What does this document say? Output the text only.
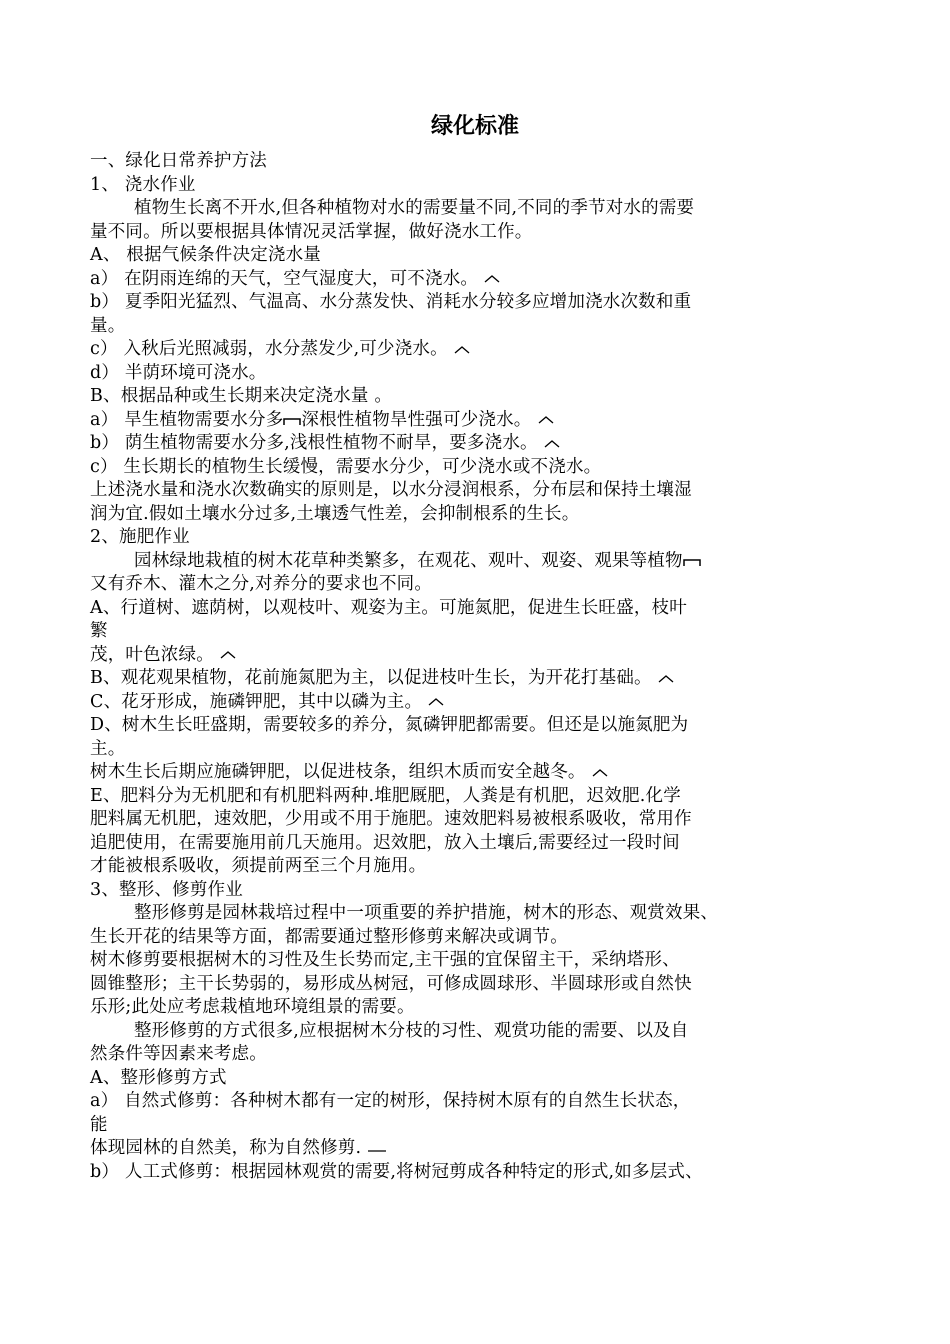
绿化标准
一、绿化日常养护方法
1、 浇水作业
植物生长离不开水,但各种植物对水的需要量不同,不同的季节对水的需要
量不同。所以要根据具体情况灵活掌握，做好浇水工作。
A、 根据气候条件决定浇水量
a） 在阴雨连绵的天气，空气湿度大，可不浇水。
b） 夏季阳光猛烈、气温高、水分蒸发快、消耗水分较多应增加浇水次数和重
量。
c） 入秋后光照减弱，水分蒸发少,可少浇水。
d） 半荫环境可浇水。
B、根据品种或生长期来决定浇水量 。
a） 旱生植物需要水分多 深根性植物旱性强可少浇水。
b） 荫生植物需要水分多,浅根性植物不耐旱，要多浇水。
c） 生长期长的植物生长缓慢，需要水分少，可少浇水或不浇水。
上述浇水量和浇水次数确实的原则是，以水分浸润根系，分布层和保持土壤湿
润为宜.假如土壤水分过多,土壤透气性差，会抑制根系的生长。
2、施肥作业
园林绿地栽植的树木花草种类繁多，在观花、观叶、观姿、观果等植物
又有乔木、灌木之分,对养分的要求也不同。
A、行道树、遮荫树，以观枝叶、观姿为主。可施氮肥，促进生长旺盛，枝叶
繁
茂，叶色浓绿。
B、观花观果植物，花前施氮肥为主，以促进枝叶生长，为开花打基础。
C、花牙形成，施磷钾肥，其中以磷为主。
D、树木生长旺盛期，需要较多的养分，氮磷钾肥都需要。但还是以施氮肥为
主。
树木生长后期应施磷钾肥，以促进枝条，组织木质而安全越冬。
E、肥料分为无机肥和有机肥料两种.堆肥厩肥，人粪是有机肥，迟效肥.化学
肥料属无机肥，速效肥，少用或不用于施肥。速效肥料易被根系吸收，常用作
追肥使用，在需要施用前几天施用。迟效肥，放入土壤后,需要经过一段时间
才能被根系吸收，须提前两至三个月施用。
3、整形、修剪作业
整形修剪是园林栽培过程中一项重要的养护措施，树木的形态、观赏效果、
生长开花的结果等方面，都需要通过整形修剪来解决或调节。
树木修剪要根据树木的习性及生长势而定,主干强的宜保留主干，采纳塔形、
圆锥整形；主干长势弱的，易形成丛树冠，可修成圆球形、半圆球形或自然快
乐形;此处应考虑栽植地环境组景的需要。
整形修剪的方式很多,应根据树木分枝的习性、观赏功能的需要、以及自
然条件等因素来考虑。
A、整形修剪方式
a） 自然式修剪：各种树木都有一定的树形，保持树木原有的自然生长状态，
能
体现园林的自然美，称为自然修剪.
b） 人工式修剪：根据园林观赏的需要,将树冠剪成各种特定的形式,如多层式、
